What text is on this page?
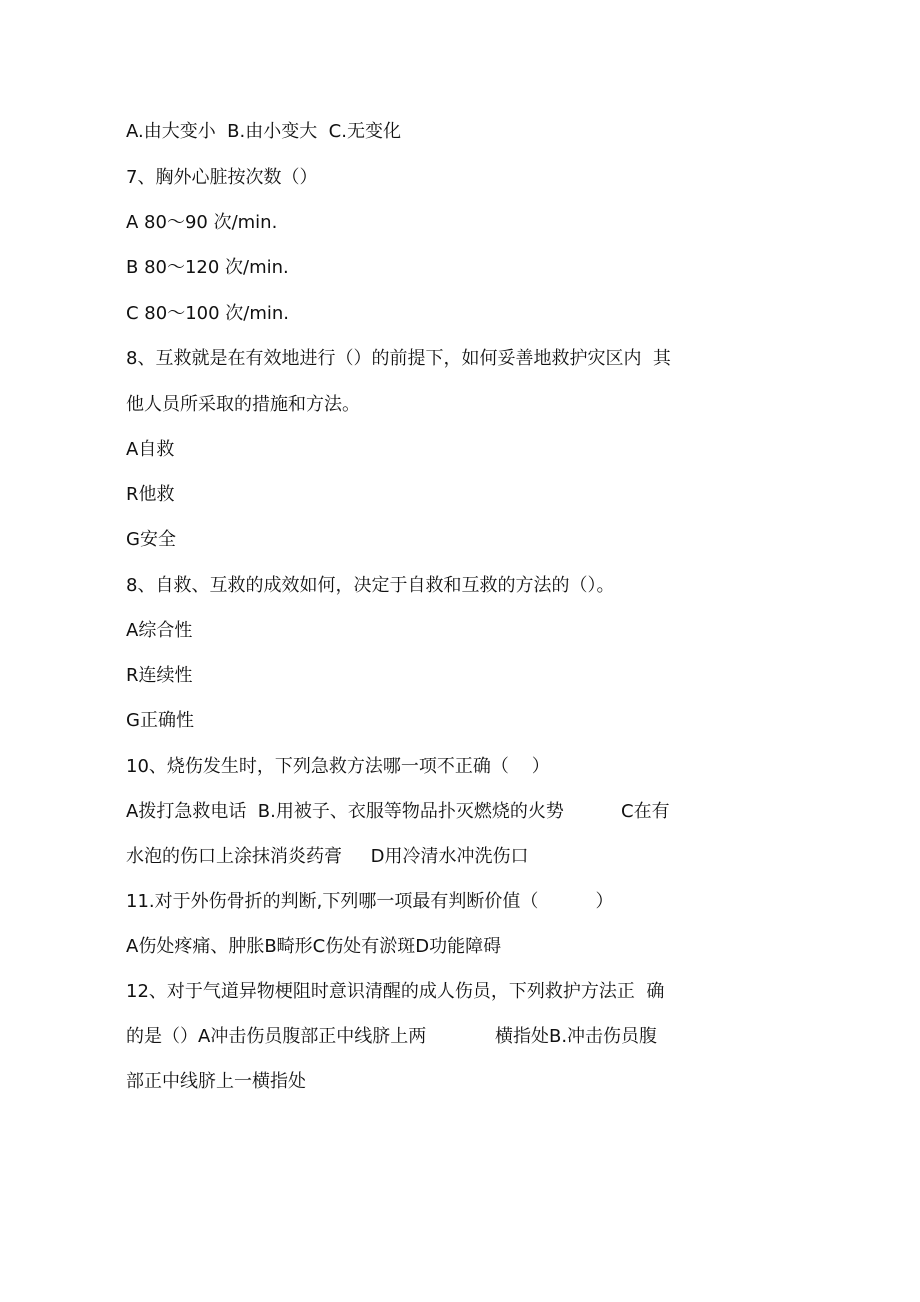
A.由大变小  B.由小变大  C.无变化
7、胸外心脏按次数（）
A 80～90 次/min.
B 80～120 次/min.
C 80～100 次/min.
8、互救就是在有效地进行（）的前提下，如何妥善地救护灾区内  其
他人员所采取的措施和方法。
A自救
R他救
G安全
8、自救、互救的成效如何，决定于自救和互救的方法的（）。
A综合性
R连续性
G正确性
10、烧伤发生时，下列急救方法哪一项不正确（    ）
A拨打急救电话  B.用被子、衣服等物品扑灭燃烧的火势          C在有
水泡的伤口上涂抹消炎药膏     D用冷清水冲洗伤口
11.对于外伤骨折的判断,下列哪一项最有判断价值（          ）
A伤处疼痛、肿胀B畸形C伤处有淤斑D功能障碍
12、对于气道异物梗阻时意识清醒的成人伤员，下列救护方法正  确
的是（）A冲击伤员腹部正中线脐上两            横指处B.冲击伤员腹
部正中线脐上一横指处
